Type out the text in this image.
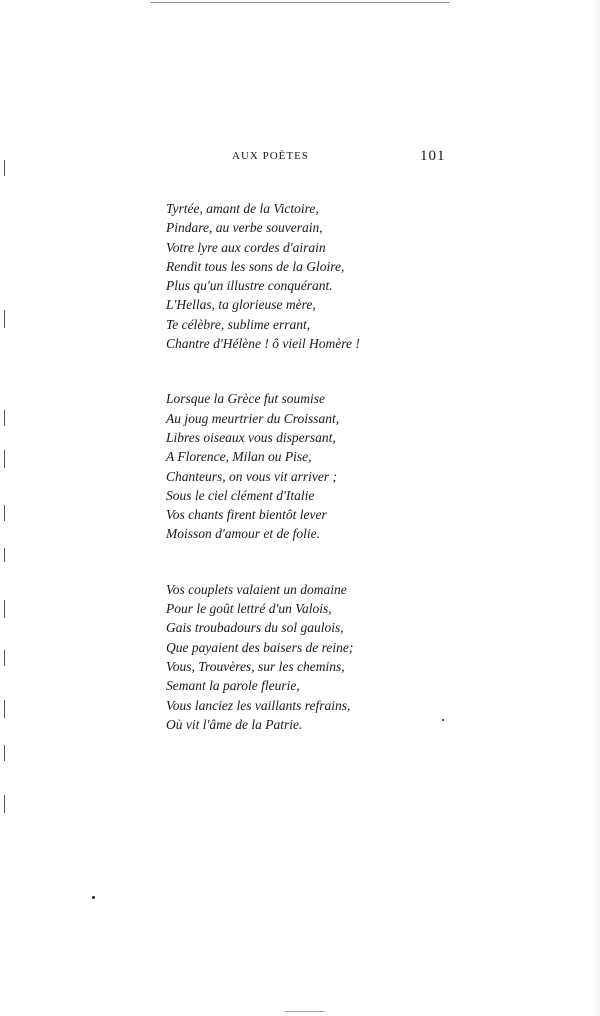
AUX POÈTES	101
Tyrtée, amant de la Victoire,
Pindare, au verbe souverain,
Votre lyre aux cordes d'airain
Rendit tous les sons de la Gloire,
Plus qu'un illustre conquérant.
L'Hellas, ta glorieuse mère,
Te célèbre, sublime errant,
Chantre d'Hélène ! ô vieil Homère !
Lorsque la Grèce fut soumise
Au joug meurtrier du Croissant,
Libres oiseaux vous dispersant,
A Florence, Milan ou Pise,
Chanteurs, on vous vit arriver ;
Sous le ciel clément d'Italie
Vos chants firent bientôt lever
Moisson d'amour et de folie.
Vos couplets valaient un domaine
Pour le goût lettré d'un Valois,
Gais troubadours du sol gaulois,
Que payaient des baisers de reine;
Vous, Trouvères, sur les chemins,
Semant la parole fleurie,
Vous lanciez les vaillants refrains,
Où vit l'âme de la Patrie.
